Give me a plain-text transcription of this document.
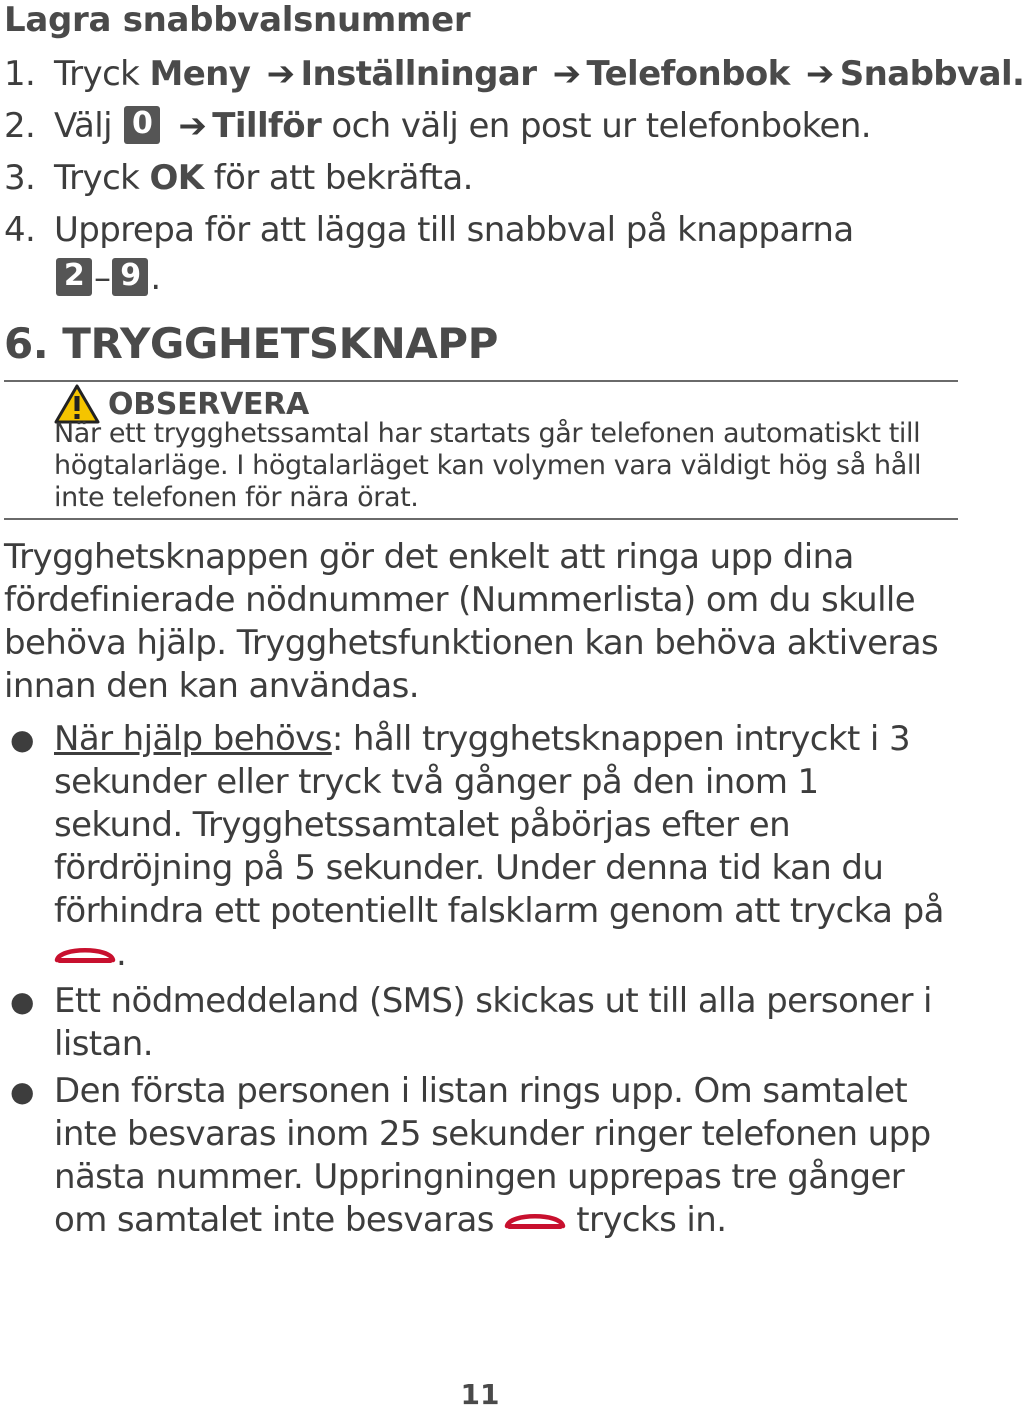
Lagra snabbvalsnummer
1. Tryck Meny ➔ Inställningar ➔ Telefonbok ➔ Snabbval.
2. Välj 0 ➔ Tillför och välj en post ur telefonboken.
3. Tryck OK för att bekräfta.
4. Upprepa för att lägga till snabbval på knapparna
2 – 9 .
6. TRYGGHETSKNAPP
OBSERVERA

När ett trygghetssamtal har startats går telefonen automatiskt till högtalarläge. I högtalarläget kan volymen vara väldigt hög så håll inte telefonen för nära örat.

Trygghetsknappen gör det enkelt att ringa upp dina fördefinierade nödnummer (Nummerlista) om du skulle behöva hjälp. Trygghetsfunktionen kan behöva aktiveras innan den kan användas.

● När hjälp behövs: håll trygghetsknappen intryckt i 3 sekunder eller tryck två gånger på den inom 1 sekund. Trygghetssamtalet påbörjas efter en fördröjning på 5 sekunder. Under denna tid kan du förhindra ett potentiellt falsklarm genom att trycka på .
● Ett nödmeddeland (SMS) skickas ut till alla personer i listan.
● Den första personen i listan rings upp. Om samtalet inte besvaras inom 25 sekunder ringer telefonen upp nästa nummer. Uppringningen upprepas tre gånger om samtalet inte besvaras trycks in.
11
